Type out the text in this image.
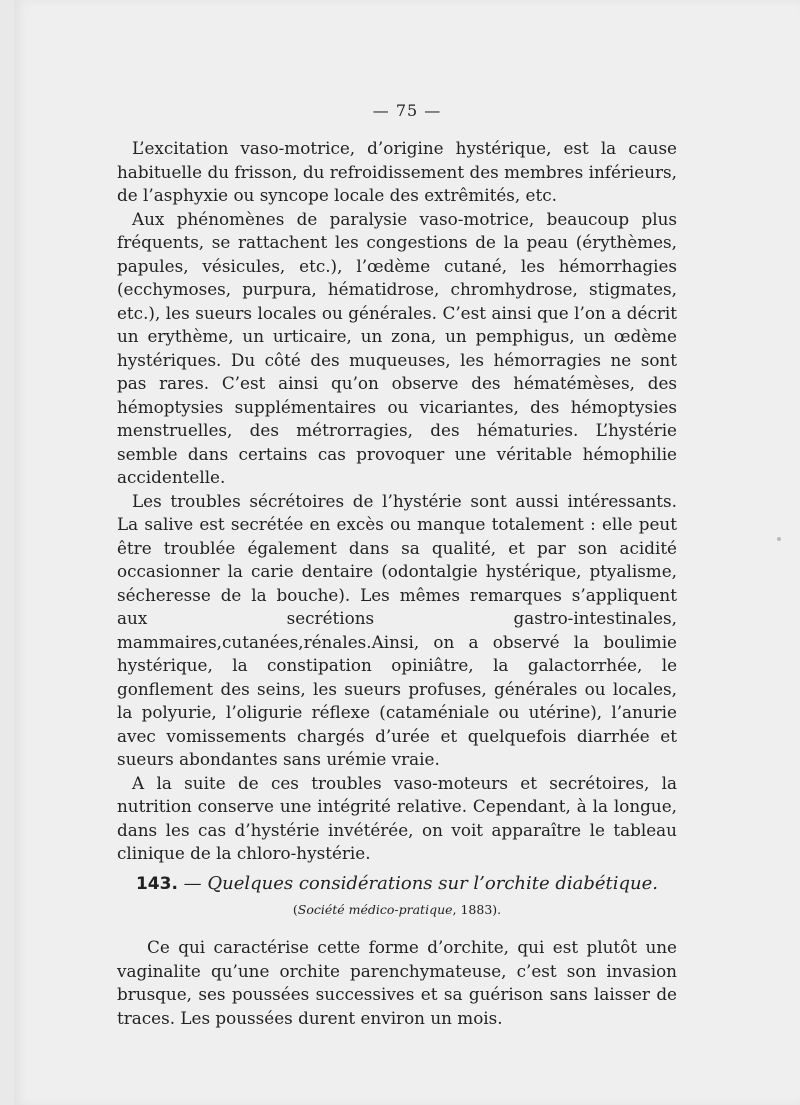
— 75 —

L’excitation vaso-motrice, d’origine hystérique, est la cause habituelle du frisson, du refroidissement des membres inférieurs, de l’asphyxie ou syncope locale des extrêmités, etc.

Aux phénomènes de paralysie vaso-motrice, beaucoup plus fréquents, se rattachent les congestions de la peau (érythèmes, papules, vésicules, etc.), l’œdème cutané, les hémorrhagies (ecchymoses, purpura, hématidrose, chromhydrose, stigmates, etc.), les sueurs locales ou générales. C’est ainsi que l’on a décrit un erythème, un urticaire, un zona, un pemphigus, un œdème hystériques. Du côté des muqueuses, les hémorragies ne sont pas rares. C’est ainsi qu’on observe des hématémèses, des hémoptysies supplémentaires ou vicariantes, des hémoptysies menstruelles, des métrorragies, des hématuries. L’hystérie semble dans certains cas provoquer une véritable hémophilie accidentelle.

Les troubles sécrétoires de l’hystérie sont aussi intéressants. La salive est secrétée en excès ou manque totalement : elle peut être troublée également dans sa qualité, et par son acidité occasionner la carie dentaire (odontalgie hystérique, ptyalisme, sécheresse de la bouche). Les mêmes remarques s’appliquent aux secrétions gastro-intestinales, mammaires,cutanées,rénales.Ainsi, on a observé la boulimie hystérique, la constipation opiniâtre, la galactorrhée, le gonflement des seins, les sueurs profuses, générales ou locales, la polyurie, l’oligurie réflexe (cataméniale ou utérine), l’anurie avec vomissements chargés d’urée et quelquefois diarrhée et sueurs abondantes sans urémie vraie.

A la suite de ces troubles vaso-moteurs et secrétoires, la nutrition conserve une intégrité relative. Cependant, à la longue, dans les cas d’hystérie invétérée, on voit apparaître le tableau clinique de la chloro-hystérie.

143. — Quelques considérations sur l’orchite diabétique.
(Société médico-pratique, 1883).

Ce qui caractérise cette forme d’orchite, qui est plutôt une vaginalite qu’une orchite parenchymateuse, c’est son invasion brusque, ses poussées successives et sa guérison sans laisser de traces. Les poussées durent environ un mois.
